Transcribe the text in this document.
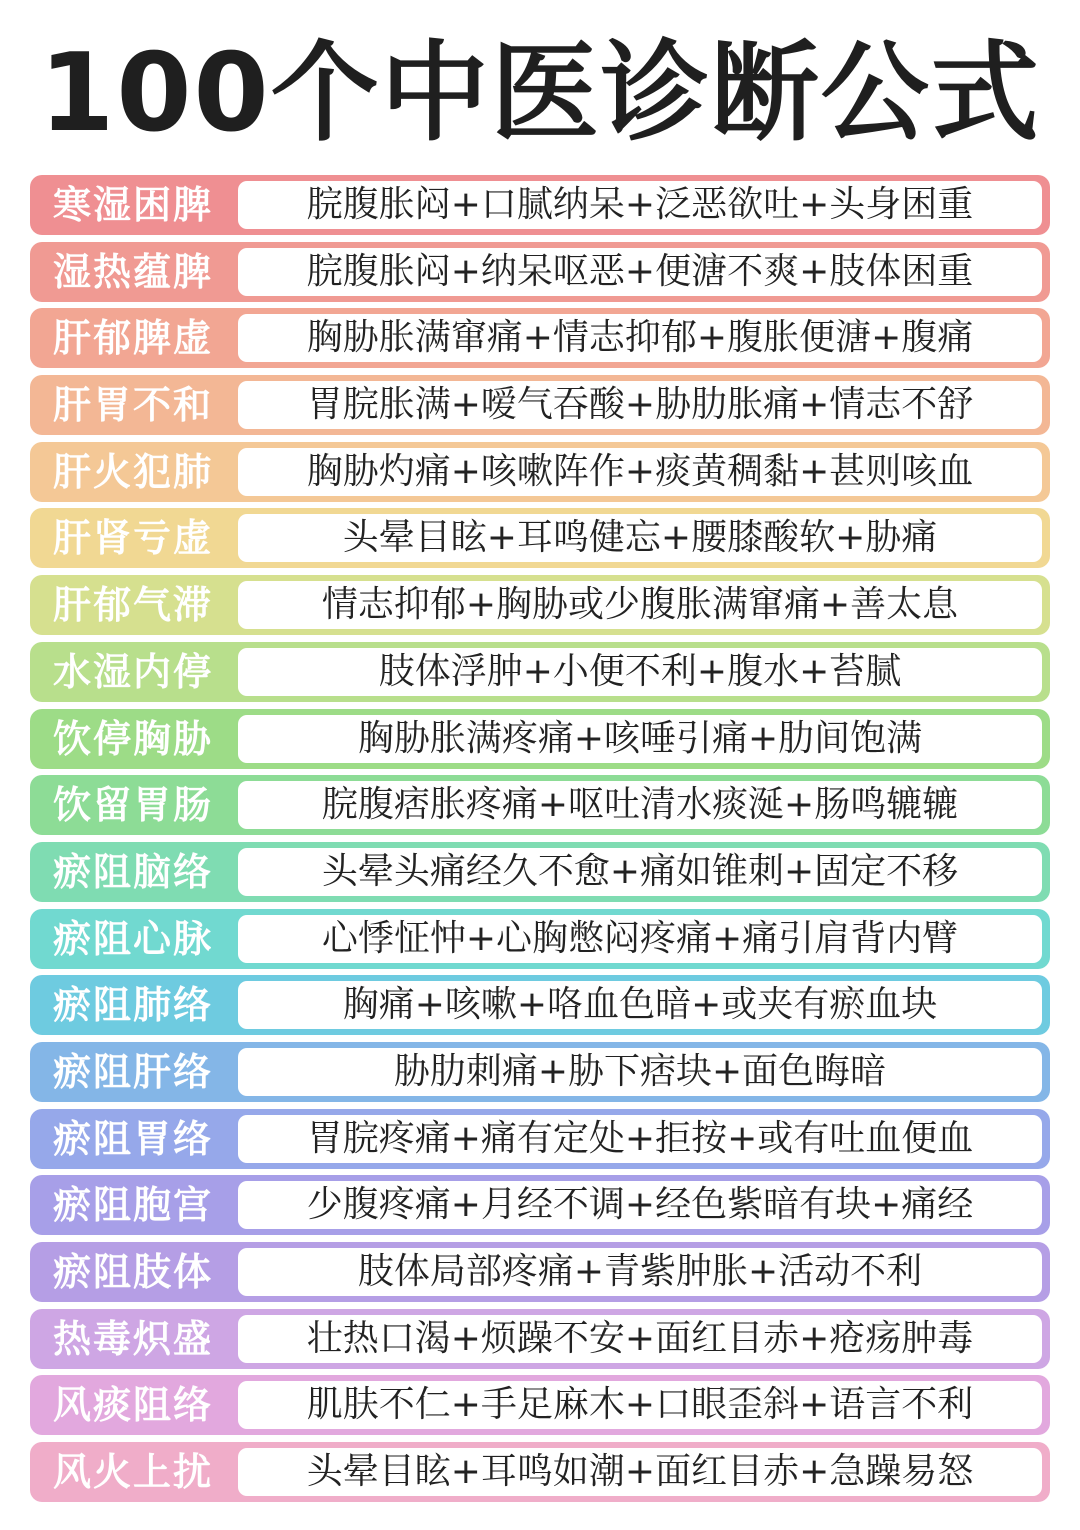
100个中医诊断公式
寒湿困脾	脘腹胀闷+口腻纳呆+泛恶欲吐+头身困重
湿热蕴脾	脘腹胀闷+纳呆呕恶+便溏不爽+肢体困重
肝郁脾虚	胸胁胀满窜痛+情志抑郁+腹胀便溏+腹痛
肝胃不和	胃脘胀满+嗳气吞酸+胁肋胀痛+情志不舒
肝火犯肺	胸胁灼痛+咳嗽阵作+痰黄稠黏+甚则咳血
肝肾亏虚	头晕目眩+耳鸣健忘+腰膝酸软+胁痛
肝郁气滞	情志抑郁+胸胁或少腹胀满窜痛+善太息
水湿内停	肢体浮肿+小便不利+腹水+苔腻
饮停胸胁	胸胁胀满疼痛+咳唾引痛+肋间饱满
饮留胃肠	脘腹痞胀疼痛+呕吐清水痰涎+肠鸣辘辘
瘀阻脑络	头晕头痛经久不愈+痛如锥刺+固定不移
瘀阻心脉	心悸怔忡+心胸憋闷疼痛+痛引肩背内臂
瘀阻肺络	胸痛+咳嗽+咯血色暗+或夹有瘀血块
瘀阻肝络	胁肋刺痛+胁下痞块+面色晦暗
瘀阻胃络	胃脘疼痛+痛有定处+拒按+或有吐血便血
瘀阻胞宫	少腹疼痛+月经不调+经色紫暗有块+痛经
瘀阻肢体	肢体局部疼痛+青紫肿胀+活动不利
热毒炽盛	壮热口渴+烦躁不安+面红目赤+疮疡肿毒
风痰阻络	肌肤不仁+手足麻木+口眼歪斜+语言不利
风火上扰	头晕目眩+耳鸣如潮+面红目赤+急躁易怒
